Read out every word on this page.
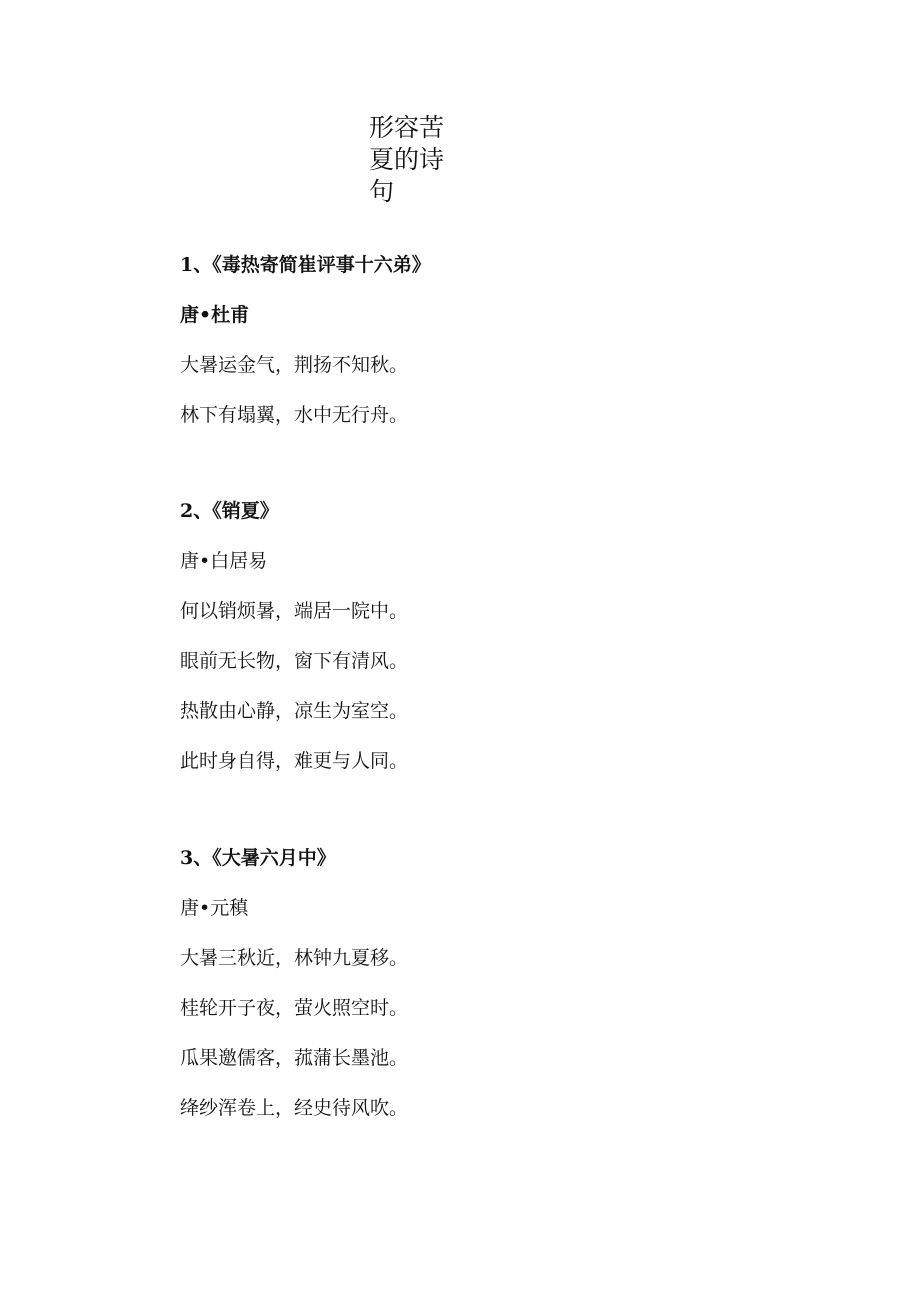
形容苦夏的诗句
1、《毒热寄简崔评事十六弟》
唐•杜甫
大暑运金气，荆扬不知秋。
林下有塌翼，水中无行舟。
2、《销夏》
唐•白居易
何以销烦暑，端居一院中。
眼前无长物，窗下有清风。
热散由心静，凉生为室空。
此时身自得，难更与人同。
3、《大暑六月中》
唐•元稹
大暑三秋近，林钟九夏移。
桂轮开子夜，萤火照空时。
瓜果邀儒客，菰蒲长墨池。
绛纱浑卷上，经史待风吹。
